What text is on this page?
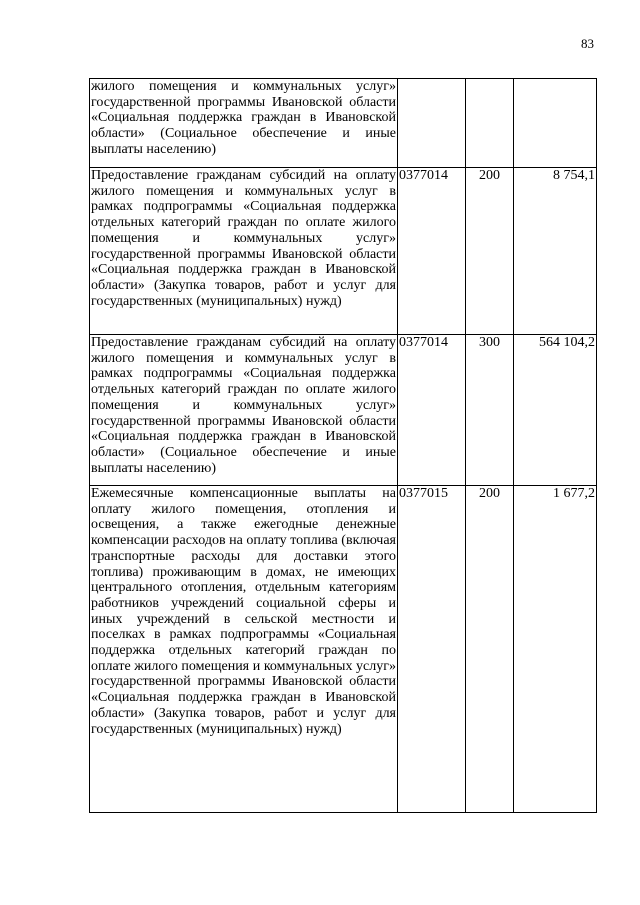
83
жилого помещения и коммунальных услуг» государственной программы Ивановской области «Социальная поддержка граждан в Ивановской области» (Социальное обеспечение и иные выплаты населению)			

Предоставление гражданам субсидий на оплату жилого помещения и коммунальных услуг в рамках подпрограммы «Социальная поддержка отдельных категорий граждан по оплате жилого помещения и коммунальных услуг» государственной программы Ивановской области «Социальная поддержка граждан в Ивановской области» (Закупка товаров, работ и услуг для государственных (муниципальных) нужд)	0377014	200	8 754,1

Предоставление гражданам субсидий на оплату жилого помещения и коммунальных услуг в рамках подпрограммы «Социальная поддержка отдельных категорий граждан по оплате жилого помещения и коммунальных услуг» государственной программы Ивановской области «Социальная поддержка граждан в Ивановской области» (Социальное обеспечение и иные выплаты населению)	0377014	300	564 104,2

Ежемесячные компенсационные выплаты на оплату жилого помещения, отопления и освещения, а также ежегодные денежные компенсации расходов на оплату топлива (включая транспортные расходы для доставки этого топлива) проживающим в домах, не имеющих центрального отопления, отдельным категориям работников учреждений социальной сферы и иных учреждений в сельской местности и поселках в рамках подпрограммы «Социальная поддержка отдельных категорий граждан по оплате жилого помещения и коммунальных услуг» государственной программы Ивановской области «Социальная поддержка граждан в Ивановской области» (Закупка товаров, работ и услуг для государственных (муниципальных) нужд)	0377015	200	1 677,2
